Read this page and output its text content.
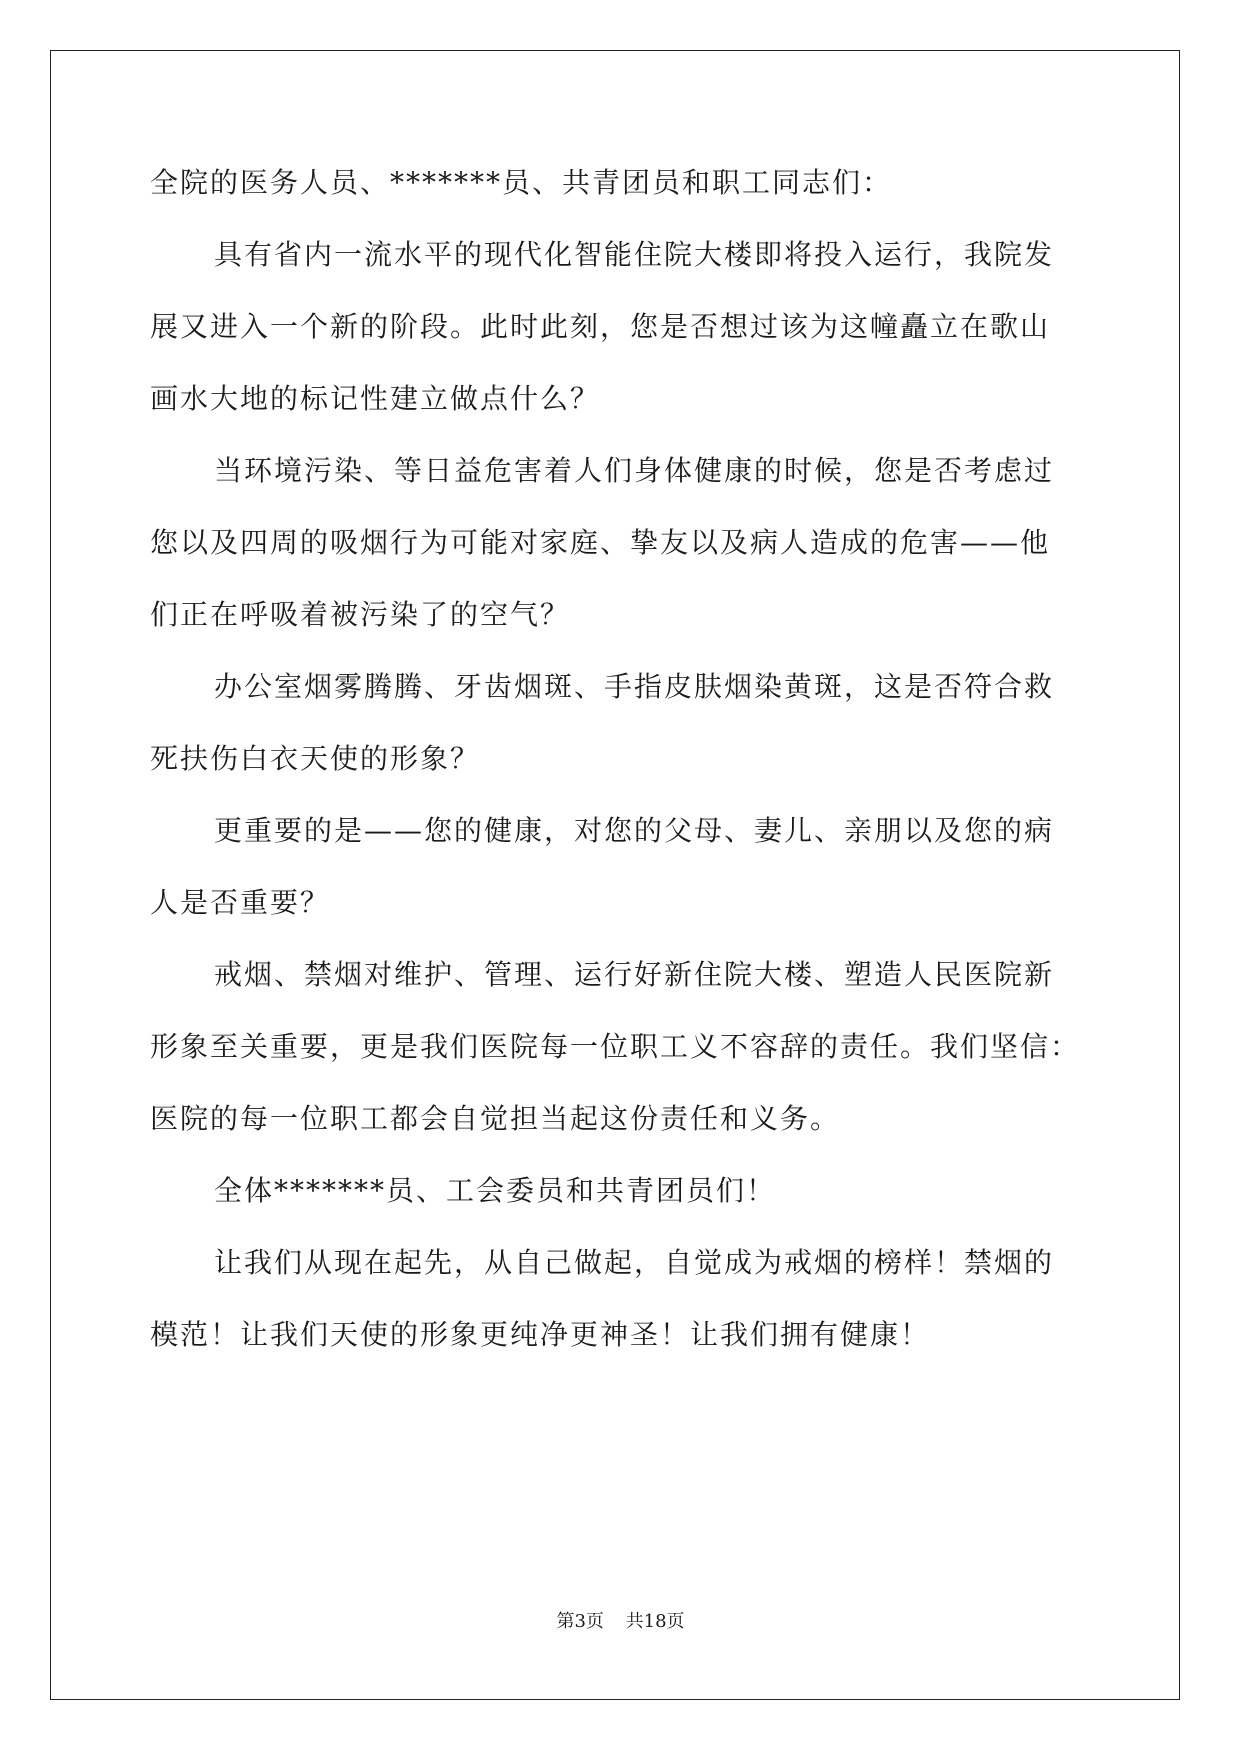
全院的医务人员、*******员、共青团员和职工同志们：
具有省内一流水平的现代化智能住院大楼即将投入运行，我院发
展又进入一个新的阶段。此时此刻，您是否想过该为这幢矗立在歌山
画水大地的标记性建立做点什么？
当环境污染、等日益危害着人们身体健康的时候，您是否考虑过
您以及四周的吸烟行为可能对家庭、挚友以及病人造成的危害——他
们正在呼吸着被污染了的空气？
办公室烟雾腾腾、牙齿烟斑、手指皮肤烟染黄斑，这是否符合救
死扶伤白衣天使的形象？
更重要的是——您的健康，对您的父母、妻儿、亲朋以及您的病
人是否重要？
戒烟、禁烟对维护、管理、运行好新住院大楼、塑造人民医院新
形象至关重要，更是我们医院每一位职工义不容辞的责任。我们坚信：
医院的每一位职工都会自觉担当起这份责任和义务。
全体*******员、工会委员和共青团员们！
让我们从现在起先，从自己做起，自觉成为戒烟的榜样！禁烟的
模范！让我们天使的形象更纯净更神圣！让我们拥有健康！
第3页 共18页
